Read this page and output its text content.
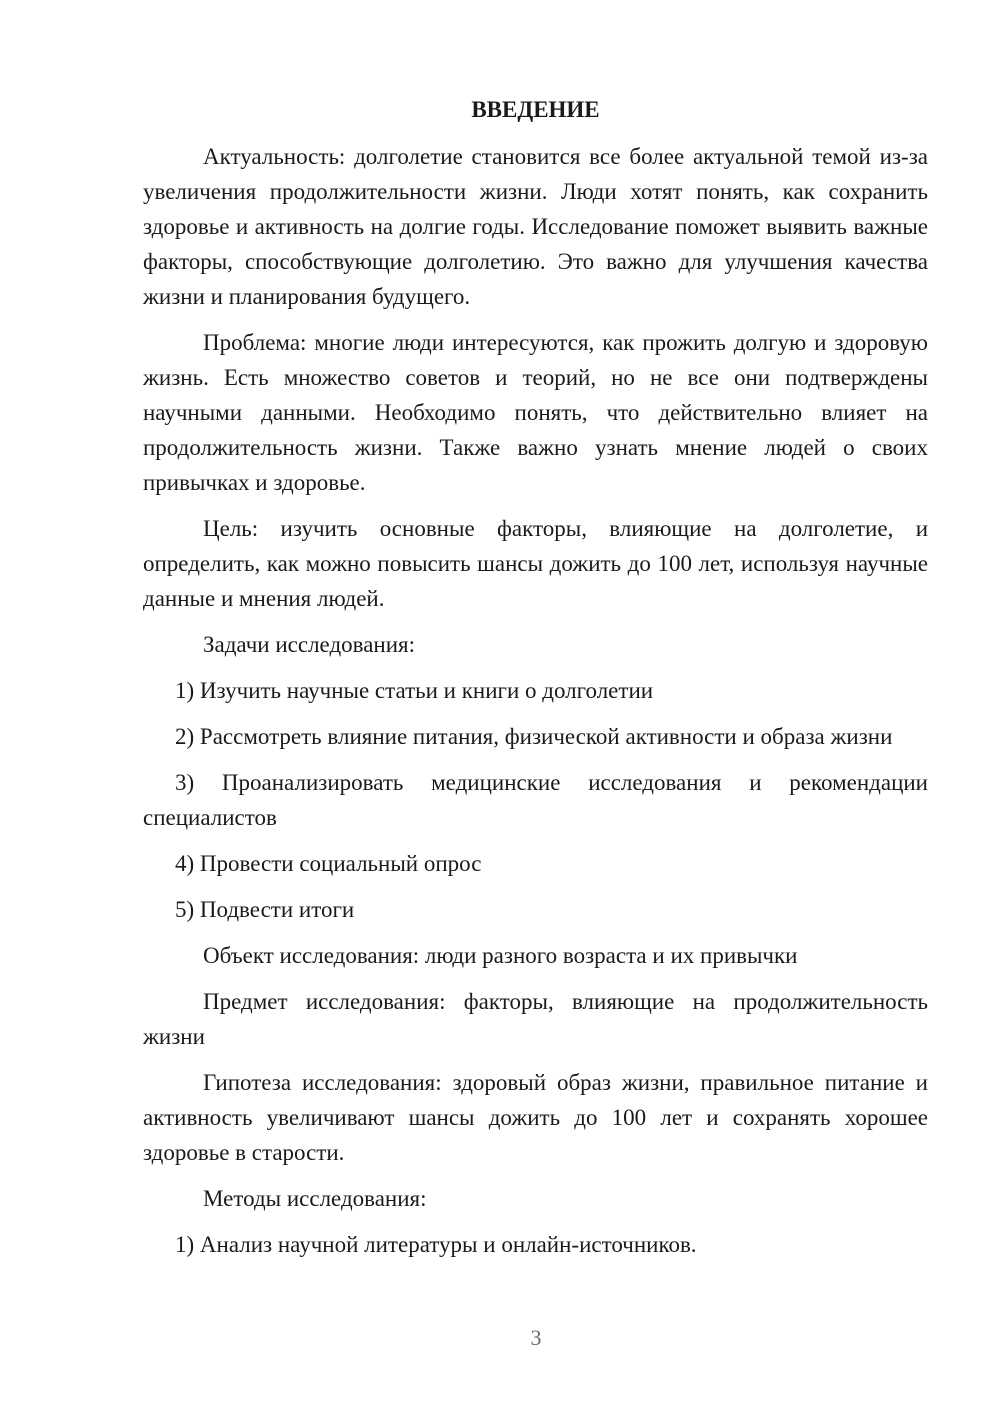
ВВЕДЕНИЕ

Актуальность: долголетие становится все более актуальной темой из-за увеличения продолжительности жизни. Люди хотят понять, как сохранить здоровье и активность на долгие годы. Исследование поможет выявить важные факторы, способствующие долголетию. Это важно для улучшения качества жизни и планирования будущего.

Проблема: многие люди интересуются, как прожить долгую и здоровую жизнь. Есть множество советов и теорий, но не все они подтверждены научными данными. Необходимо понять, что действительно влияет на продолжительность жизни. Также важно узнать мнение людей о своих привычках и здоровье.

Цель: изучить основные факторы, влияющие на долголетие, и определить, как можно повысить шансы дожить до 100 лет, используя научные данные и мнения людей.

Задачи исследования:

1) Изучить научные статьи и книги о долголетии

2) Рассмотреть влияние питания, физической активности и образа жизни

3) Проанализировать медицинские исследования и рекомендации специалистов

4) Провести социальный опрос

5) Подвести итоги

Объект исследования: люди разного возраста и их привычки

Предмет исследования: факторы, влияющие на продолжительность жизни

Гипотеза исследования: здоровый образ жизни, правильное питание и активность увеличивают шансы дожить до 100 лет и сохранять хорошее здоровье в старости.

Методы исследования:

1) Анализ научной литературы и онлайн-источников.

3
